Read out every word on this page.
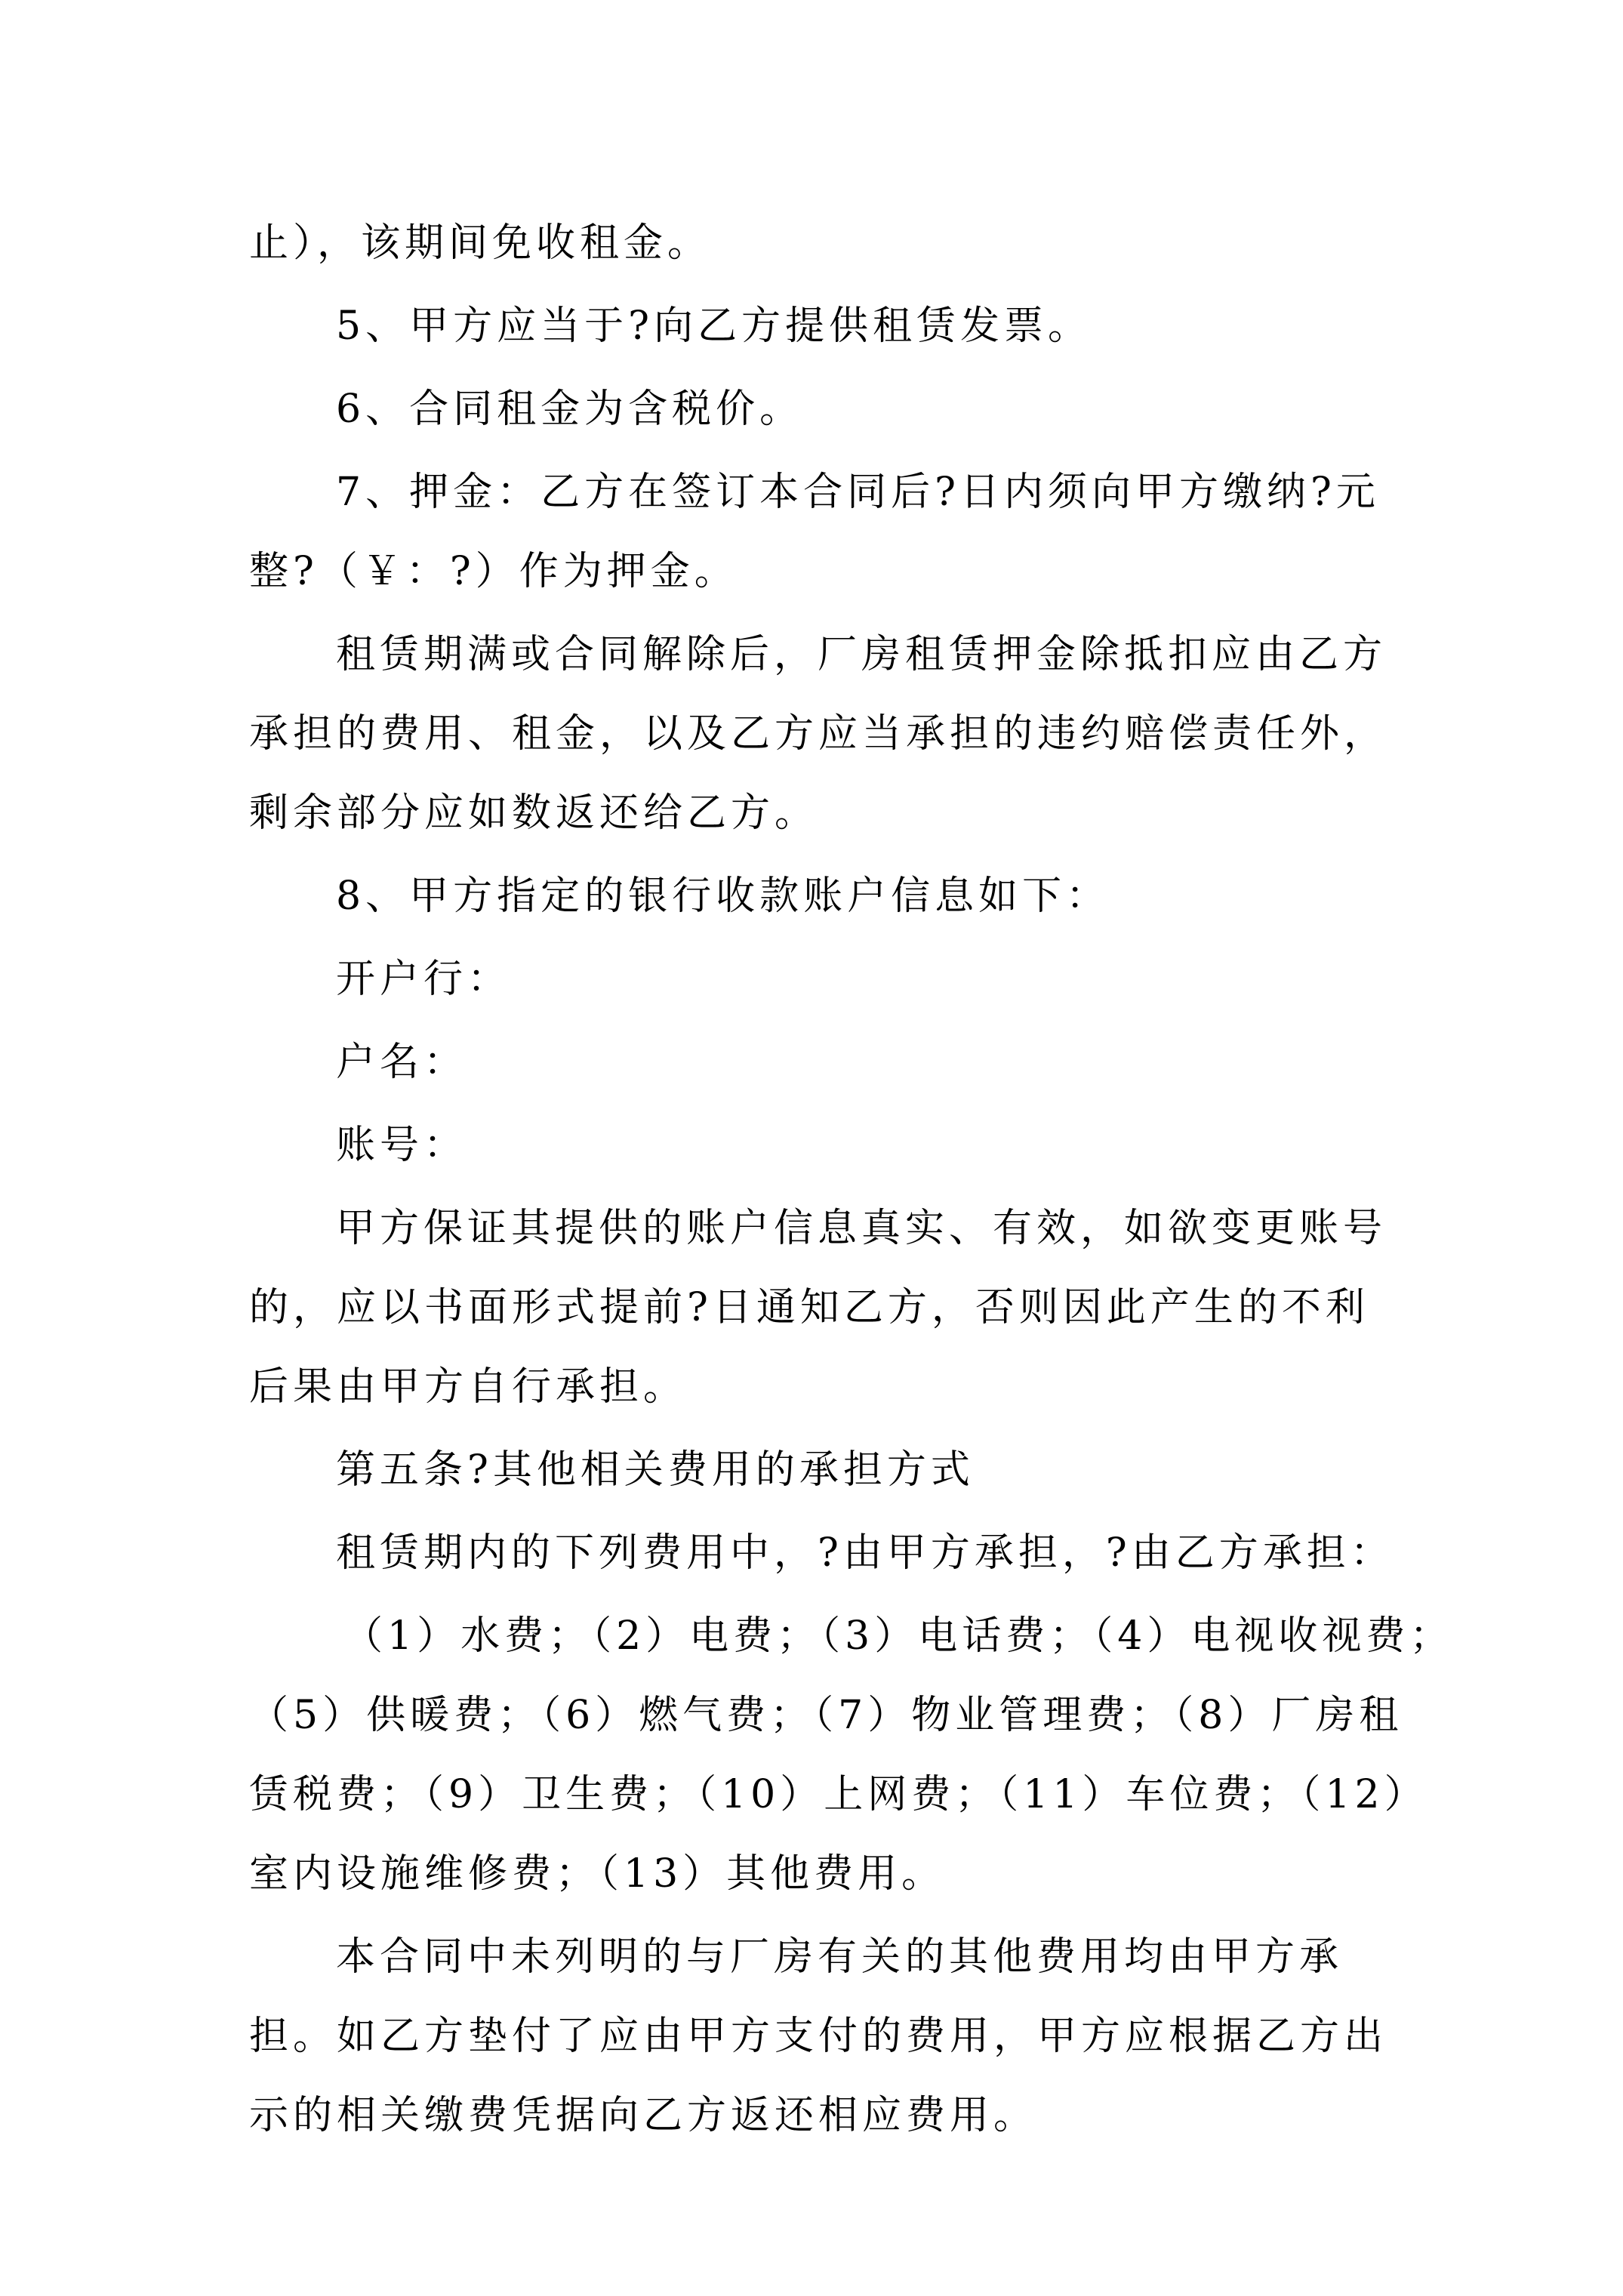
止），该期间免收租金。
5、甲方应当于?向乙方提供租赁发票。
6、合同租金为含税价。
7、押金：乙方在签订本合同后?日内须向甲方缴纳?元
整?（￥：?）作为押金。
租赁期满或合同解除后，厂房租赁押金除抵扣应由乙方
承担的费用、租金，以及乙方应当承担的违约赔偿责任外，
剩余部分应如数返还给乙方。
8、甲方指定的银行收款账户信息如下：
开户行：
户名：
账号：
甲方保证其提供的账户信息真实、有效，如欲变更账号
的，应以书面形式提前?日通知乙方，否则因此产生的不利
后果由甲方自行承担。
第五条?其他相关费用的承担方式
租赁期内的下列费用中，?由甲方承担，?由乙方承担：
（1）水费；（2）电费；（3）电话费；（4）电视收视费；
（5）供暖费；（6）燃气费；（7）物业管理费；（8）厂房租
赁税费；（9）卫生费；（10）上网费；（11）车位费；（12）
室内设施维修费；（13）其他费用。
本合同中未列明的与厂房有关的其他费用均由甲方承
担。如乙方垫付了应由甲方支付的费用，甲方应根据乙方出
示的相关缴费凭据向乙方返还相应费用。
